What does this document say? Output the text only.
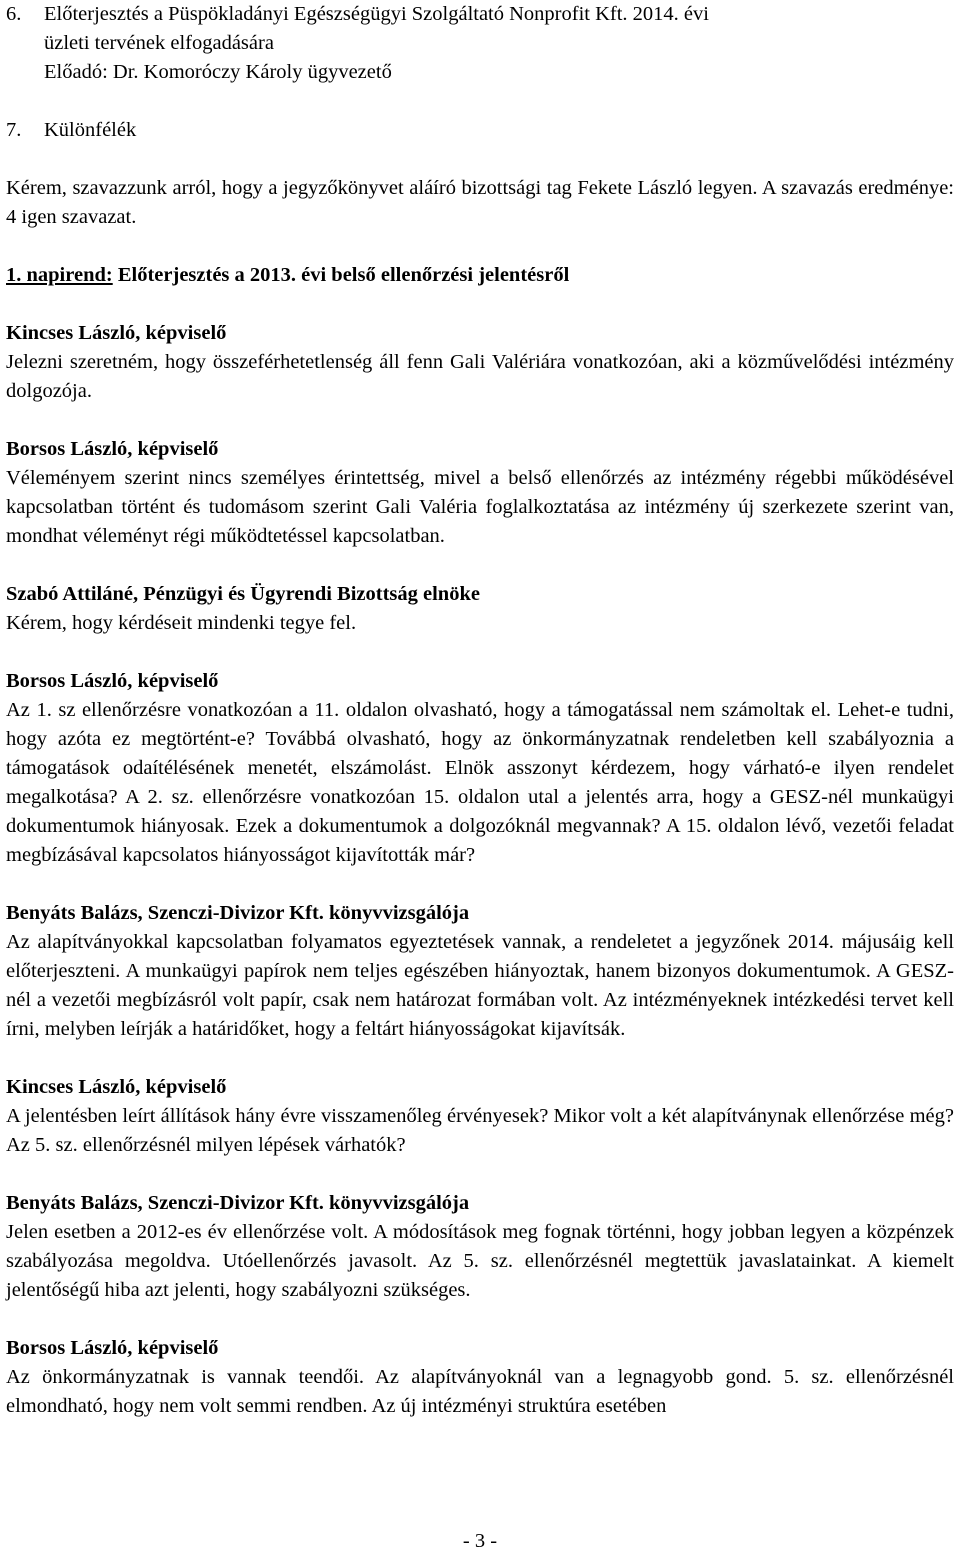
6.	Előterjesztés a Püspökladányi Egészségügyi Szolgáltató Nonprofit Kft. 2014. évi
üzleti tervének elfogadására
Előadó: Dr. Komoróczy Károly ügyvezető
7.	Különfélék

Kérem, szavazzunk arról, hogy a jegyzőkönyvet aláíró bizottsági tag Fekete László legyen. A szavazás eredménye: 4 igen szavazat.

1. napirend: Előterjesztés a 2013. évi belső ellenőrzési jelentésről

Kincses László, képviselő

Jelezni szeretném, hogy összeférhetetlenség áll fenn Gali Valériára vonatkozóan, aki a közművelődési intézmény dolgozója.

Borsos László, képviselő

Véleményem szerint nincs személyes érintettség, mivel a belső ellenőrzés az intézmény régebbi működésével kapcsolatban történt és tudomásom szerint Gali Valéria foglalkoztatása az intézmény új szerkezete szerint van, mondhat véleményt régi működtetéssel kapcsolatban.

Szabó Attiláné, Pénzügyi és Ügyrendi Bizottság elnöke

Kérem, hogy kérdéseit mindenki tegye fel.

Borsos László, képviselő

Az 1. sz ellenőrzésre vonatkozóan a 11. oldalon olvasható, hogy a támogatással nem számoltak el. Lehet-e tudni, hogy azóta ez megtörtént-e? Továbbá olvasható, hogy az önkormányzatnak rendeletben kell szabályoznia a támogatások odaítélésének menetét, elszámolást. Elnök asszonyt kérdezem, hogy várható-e ilyen rendelet megalkotása? A 2. sz. ellenőrzésre vonatkozóan 15. oldalon utal a jelentés arra, hogy a GESZ-nél munkaügyi dokumentumok hiányosak. Ezek a dokumentumok a dolgozóknál megvannak? A 15. oldalon lévő, vezetői feladat megbízásával kapcsolatos hiányosságot kijavították már?

Benyáts Balázs, Szenczi-Divizor Kft. könyvvizsgálója

Az alapítványokkal kapcsolatban folyamatos egyeztetések vannak, a rendeletet a jegyzőnek 2014. májusáig kell előterjeszteni. A munkaügyi papírok nem teljes egészében hiányoztak, hanem bizonyos dokumentumok. A GESZ-nél a vezetői megbízásról volt papír, csak nem határozat formában volt. Az intézményeknek intézkedési tervet kell írni, melyben leírják a határidőket, hogy a feltárt hiányosságokat kijavítsák.

Kincses László, képviselő

A jelentésben leírt állítások hány évre visszamenőleg érvényesek? Mikor volt a két alapítványnak ellenőrzése még? Az 5. sz. ellenőrzésnél milyen lépések várhatók?

Benyáts Balázs, Szenczi-Divizor Kft. könyvvizsgálója

Jelen esetben a 2012-es év ellenőrzése volt. A módosítások meg fognak történni, hogy jobban legyen a közpénzek szabályozása megoldva. Utóellenőrzés javasolt. Az 5. sz. ellenőrzésnél megtettük javaslatainkat. A kiemelt jelentőségű hiba azt jelenti, hogy szabályozni szükséges.

Borsos László, képviselő

Az önkormányzatnak is vannak teendői. Az alapítványoknál van a legnagyobb gond. 5. sz. ellenőrzésnél elmondható, hogy nem volt semmi rendben. Az új intézményi struktúra esetében

- 3 -
